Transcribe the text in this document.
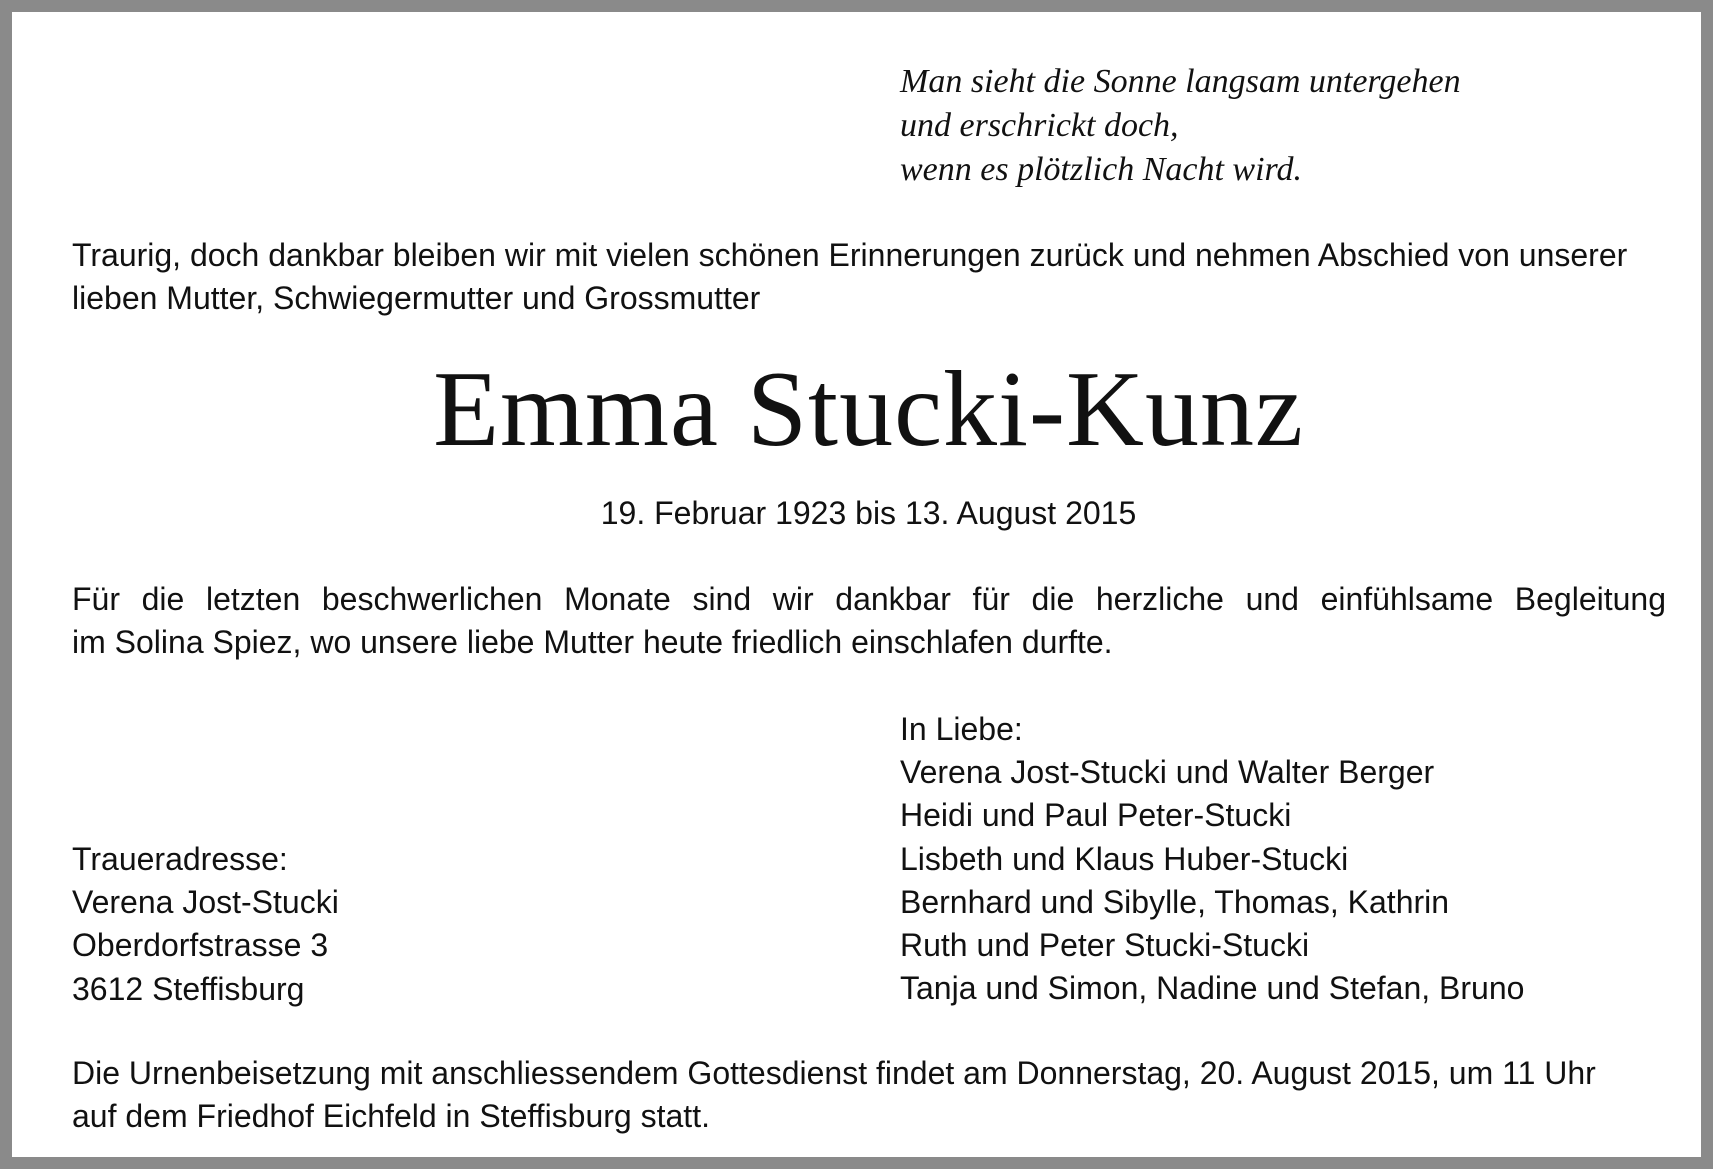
Man sieht die Sonne langsam untergehen
und erschrickt doch,
wenn es plötzlich Nacht wird.
Traurig, doch dankbar bleiben wir mit vielen schönen Erinnerungen zurück und nehmen Abschied von unserer
lieben Mutter, Schwiegermutter und Grossmutter
Emma Stucki-Kunz
19. Februar 1923 bis 13. August 2015
Für die letzten beschwerlichen Monate sind wir dankbar für die herzliche und einfühlsame Begleitung
im Solina Spiez, wo unsere liebe Mutter heute friedlich einschlafen durfte.
In Liebe:
Verena Jost-Stucki und Walter Berger
Heidi und Paul Peter-Stucki
Lisbeth und Klaus Huber-Stucki
Bernhard und Sibylle, Thomas, Kathrin
Ruth und Peter Stucki-Stucki
Tanja und Simon, Nadine und Stefan, Bruno
Traueradresse:
Verena Jost-Stucki
Oberdorfstrasse 3
3612 Steffisburg
Die Urnenbeisetzung mit anschliessendem Gottesdienst findet am Donnerstag, 20. August 2015, um 11 Uhr
auf dem Friedhof Eichfeld in Steffisburg statt.
